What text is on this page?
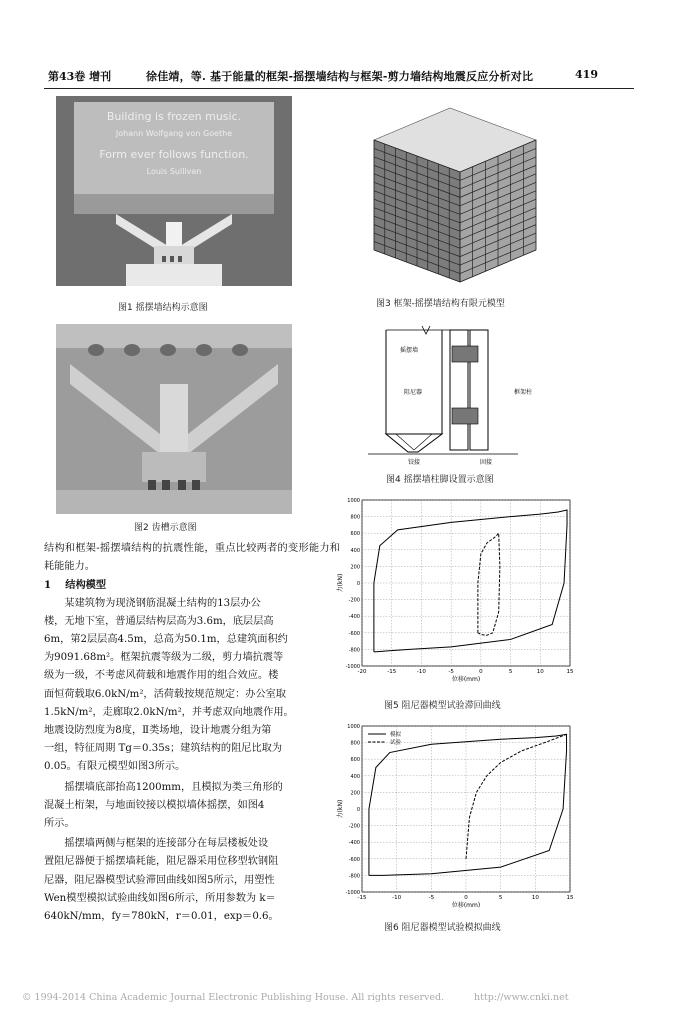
第43卷 增刊	徐佳靖，等. 基于能量的框架-摇摆墙结构与框架-剪力墙结构地震反应分析对比	419
Building is frozen music.
Johann Wolfgang von Goethe
Form ever follows function.
Louis Sullivan
图1 摇摆墙结构示意图
图2 齿槽示意图

结构和框架-摇摆墙结构的抗震性能，重点比较两者的变形能力和耗能能力。

1 结构模型

某建筑物为现浇钢筋混凝土结构的13层办公

楼，无地下室，普通层结构层高为3.6m，底层层高

6m，第2层层高4.5m，总高为50.1m，总建筑面积约

为9091.68m²。框架抗震等级为二级，剪力墙抗震等

级为一级，不考虑风荷载和地震作用的组合效应。楼

面恒荷载取6.0kN/m²，活荷载按规范规定：办公室取

1.5kN/m²，走廊取2.0kN/m²，并考虑双向地震作用。

地震设防烈度为8度，Ⅱ类场地，设计地震分组为第

一组，特征周期 Tg＝0.35s；建筑结构的阻尼比取为

0.05。有限元模型如图3所示。

摇摆墙底部抬高1200mm，且模拟为类三角形的

混凝土桁架，与地面铰接以模拟墙体摇摆，如图4

所示。

摇摆墙两侧与框架的连接部分在每层楼板处设

置阻尼器便于摇摆墙耗能，阻尼器采用位移型软钢阻

尼器，阻尼器模型试验滞回曲线如图5所示，用塑性

Wen模型模拟试验曲线如图6所示，所用参数为 k＝

640kN/mm，fy＝780kN，r＝0.01，exp＝0.6。

图3 框架-摇摆墙结构有限元模型
摇摆墙
阻尼器	框架柱
铰接	固接
图4 摇摆墙柱脚设置示意图
-20	-15	-10	-5	0	5	10	15
-1000
-800
-600
-400
-200
0
200
400
600
800
1000
位移(mm)
力(kN)
图5 阻尼器模型试验滞回曲线
-15	-10	-5	0	5	10	15
-1000
-800
-600
-400
-200
0
200
400
600
800
1000
位移(mm)
力(kN)
模拟
试验
图6 阻尼器模型试验模拟曲线
© 1994-2014 China Academic Journal Electronic Publishing House. All rights reserved.	http://www.cnki.net
